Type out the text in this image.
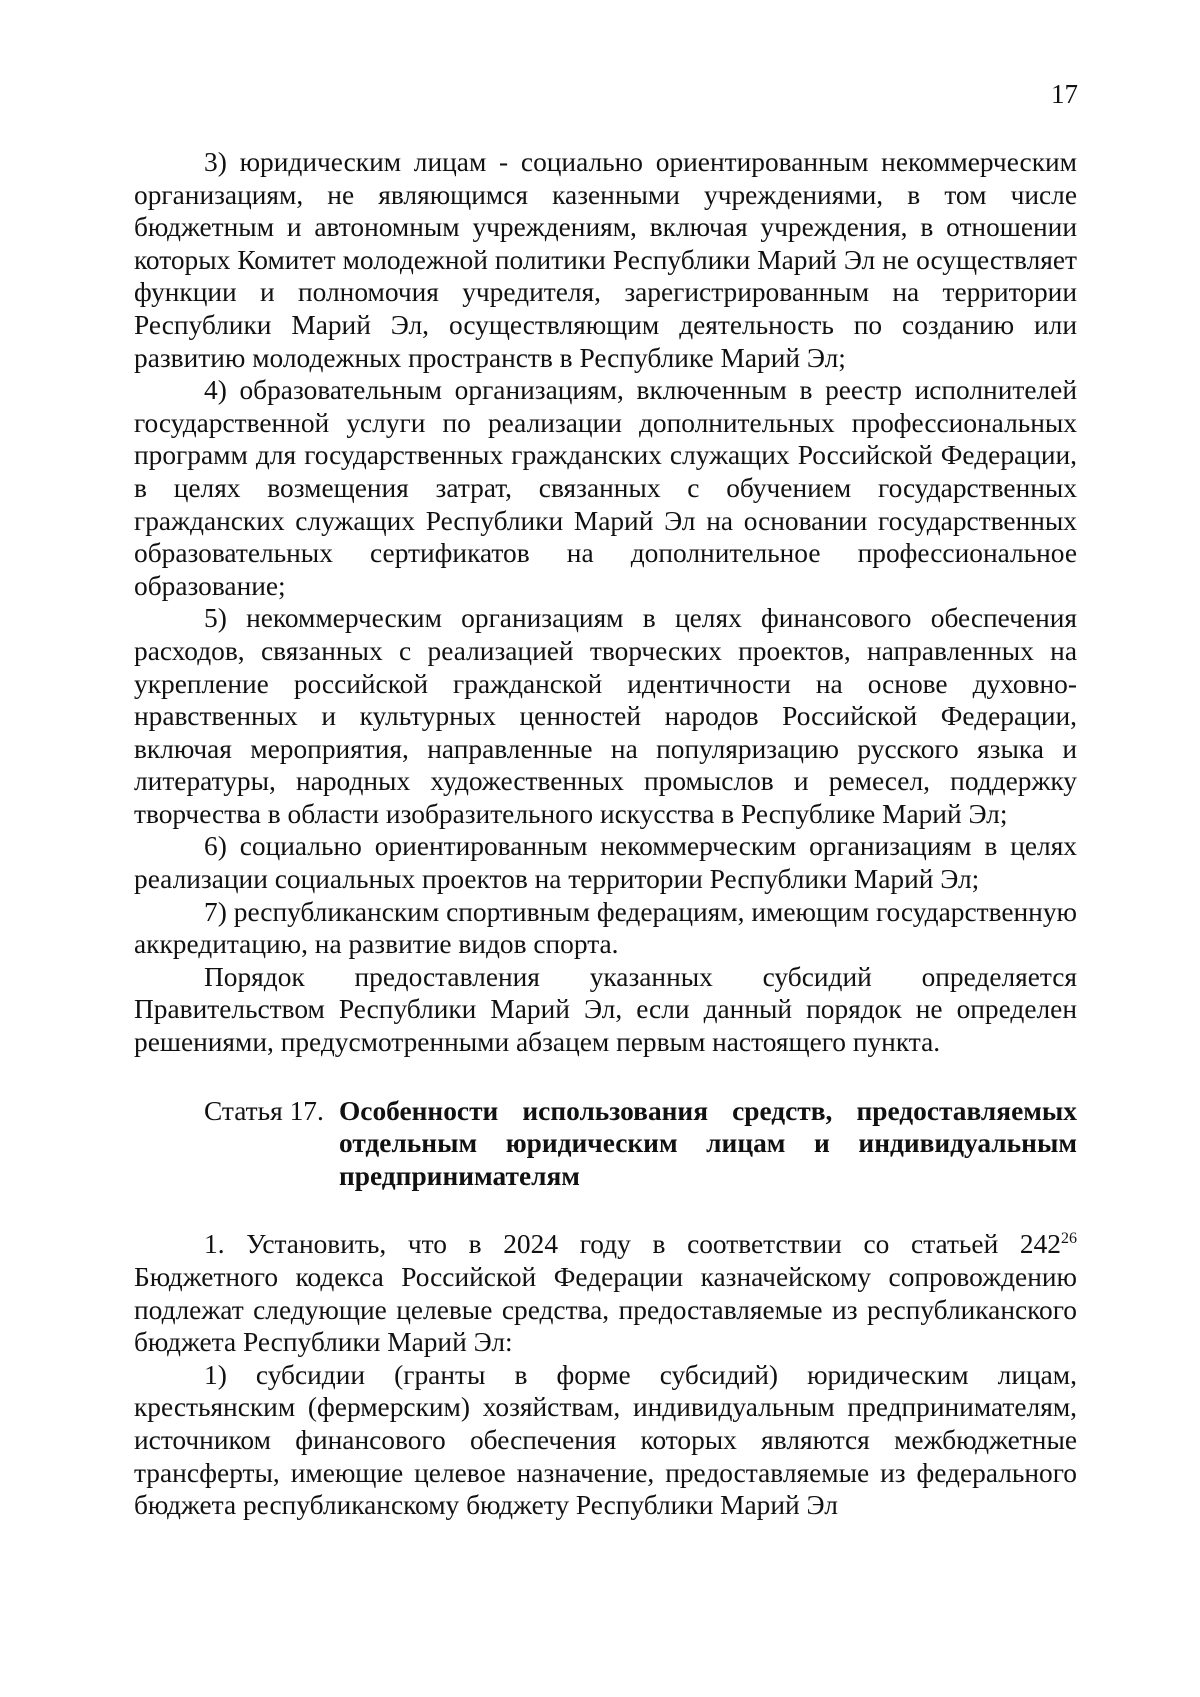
17

3) юридическим лицам - социально ориентированным некоммерческим организациям, не являющимся казенными учреждениями, в том числе бюджетным и автономным учреждениям, включая учреждения, в отношении которых Комитет молодежной политики Республики Марий Эл не осуществляет функции и полномочия учредителя, зарегистрированным на территории Республики Марий Эл, осуществляющим деятельность по созданию или развитию молодежных пространств в Республике Марий Эл;

4) образовательным организациям, включенным в реестр исполнителей государственной услуги по реализации дополнительных профессиональных программ для государственных гражданских служащих Российской Федерации, в целях возмещения затрат, связанных с обучением государственных гражданских служащих Республики Марий Эл на основании государственных образовательных сертификатов на дополнительное профессиональное образование;

5) некоммерческим организациям в целях финансового обеспечения расходов, связанных с реализацией творческих проектов, направленных на укрепление российской гражданской идентичности на основе духовно-нравственных и культурных ценностей народов Российской Федерации, включая мероприятия, направленные на популяризацию русского языка и литературы, народных художественных промыслов и ремесел, поддержку творчества в области изобразительного искусства в Республике Марий Эл;

6) социально ориентированным некоммерческим организациям в целях реализации социальных проектов на территории Республики Марий Эл;

7) республиканским спортивным федерациям, имеющим государственную аккредитацию, на развитие видов спорта.

Порядок предоставления указанных субсидий определяется Правительством Республики Марий Эл, если данный порядок не определен решениями, предусмотренными абзацем первым настоящего пункта.

Статья 17. Особенности использования средств, предоставляемых отдельным юридическим лицам и индивидуальным предпринимателям

1. Установить, что в 2024 году в соответствии со статьей $242^{26}$ Бюджетного кодекса Российской Федерации казначейскому сопровождению подлежат следующие целевые средства, предоставляемые из республиканского бюджета Республики Марий Эл:

1) субсидии (гранты в форме субсидий) юридическим лицам, крестьянским (фермерским) хозяйствам, индивидуальным предпринимателям, источником финансового обеспечения которых являются межбюджетные трансферты, имеющие целевое назначение, предоставляемые из федерального бюджета республиканскому бюджету Республики Марий Эл
